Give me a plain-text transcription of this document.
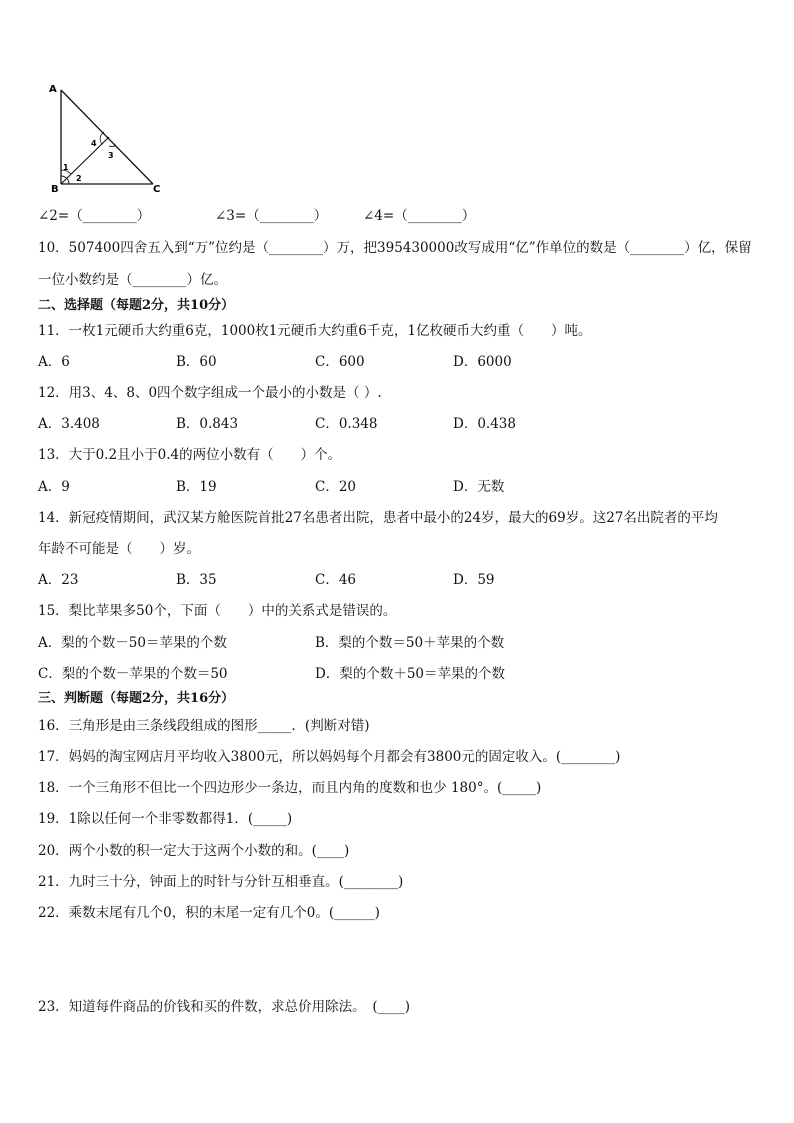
A
B	C
1
2
3
4
∠2=（________）	∠3=（________）	∠4=（________）
10．507400四舍五入到“万”位约是（________）万，把395430000改写成用“亿”作单位的数是（________）亿，保留
一位小数约是（________）亿。
二、选择题（每题2分，共10分）
11．一枚1元硬币大约重6克，1000枚1元硬币大约重6千克，1亿枚硬币大约重（　　）吨。
A．6	B．60	C．600	D．6000
12．用3、4、8、0四个数字组成一个最小的小数是（ ）.
A．3.408	B．0.843	C．0.348	D．0.438
13．大于0.2且小于0.4的两位小数有（　　）个。
A．9	B．19	C．20	D．无数
14．新冠疫情期间，武汉某方舱医院首批27名患者出院，患者中最小的24岁，最大的69岁。这27名出院者的平均
年龄不可能是（　　）岁。
A．23	B．35	C．46	D．59
15．梨比苹果多50个，下面（　　）中的关系式是错误的。
A．梨的个数－50＝苹果的个数	B．梨的个数＝50＋苹果的个数
C．梨的个数－苹果的个数＝50	D．梨的个数＋50＝苹果的个数
三、判断题（每题2分，共16分）
16．三角形是由三条线段组成的图形_____．(判断对错)
17．妈妈的淘宝网店月平均收入3800元，所以妈妈每个月都会有3800元的固定收入。(________)
18．一个三角形不但比一个四边形少一条边，而且内角的度数和也少 180°。(_____)
19．1除以任何一个非零数都得1．(_____)
20．两个小数的积一定大于这两个小数的和。(____)
21．九时三十分，钟面上的时针与分针互相垂直。(________)
22．乘数末尾有几个0，积的末尾一定有几个0。(______)
23．知道每件商品的价钱和买的件数，求总价用除法。　(____)
